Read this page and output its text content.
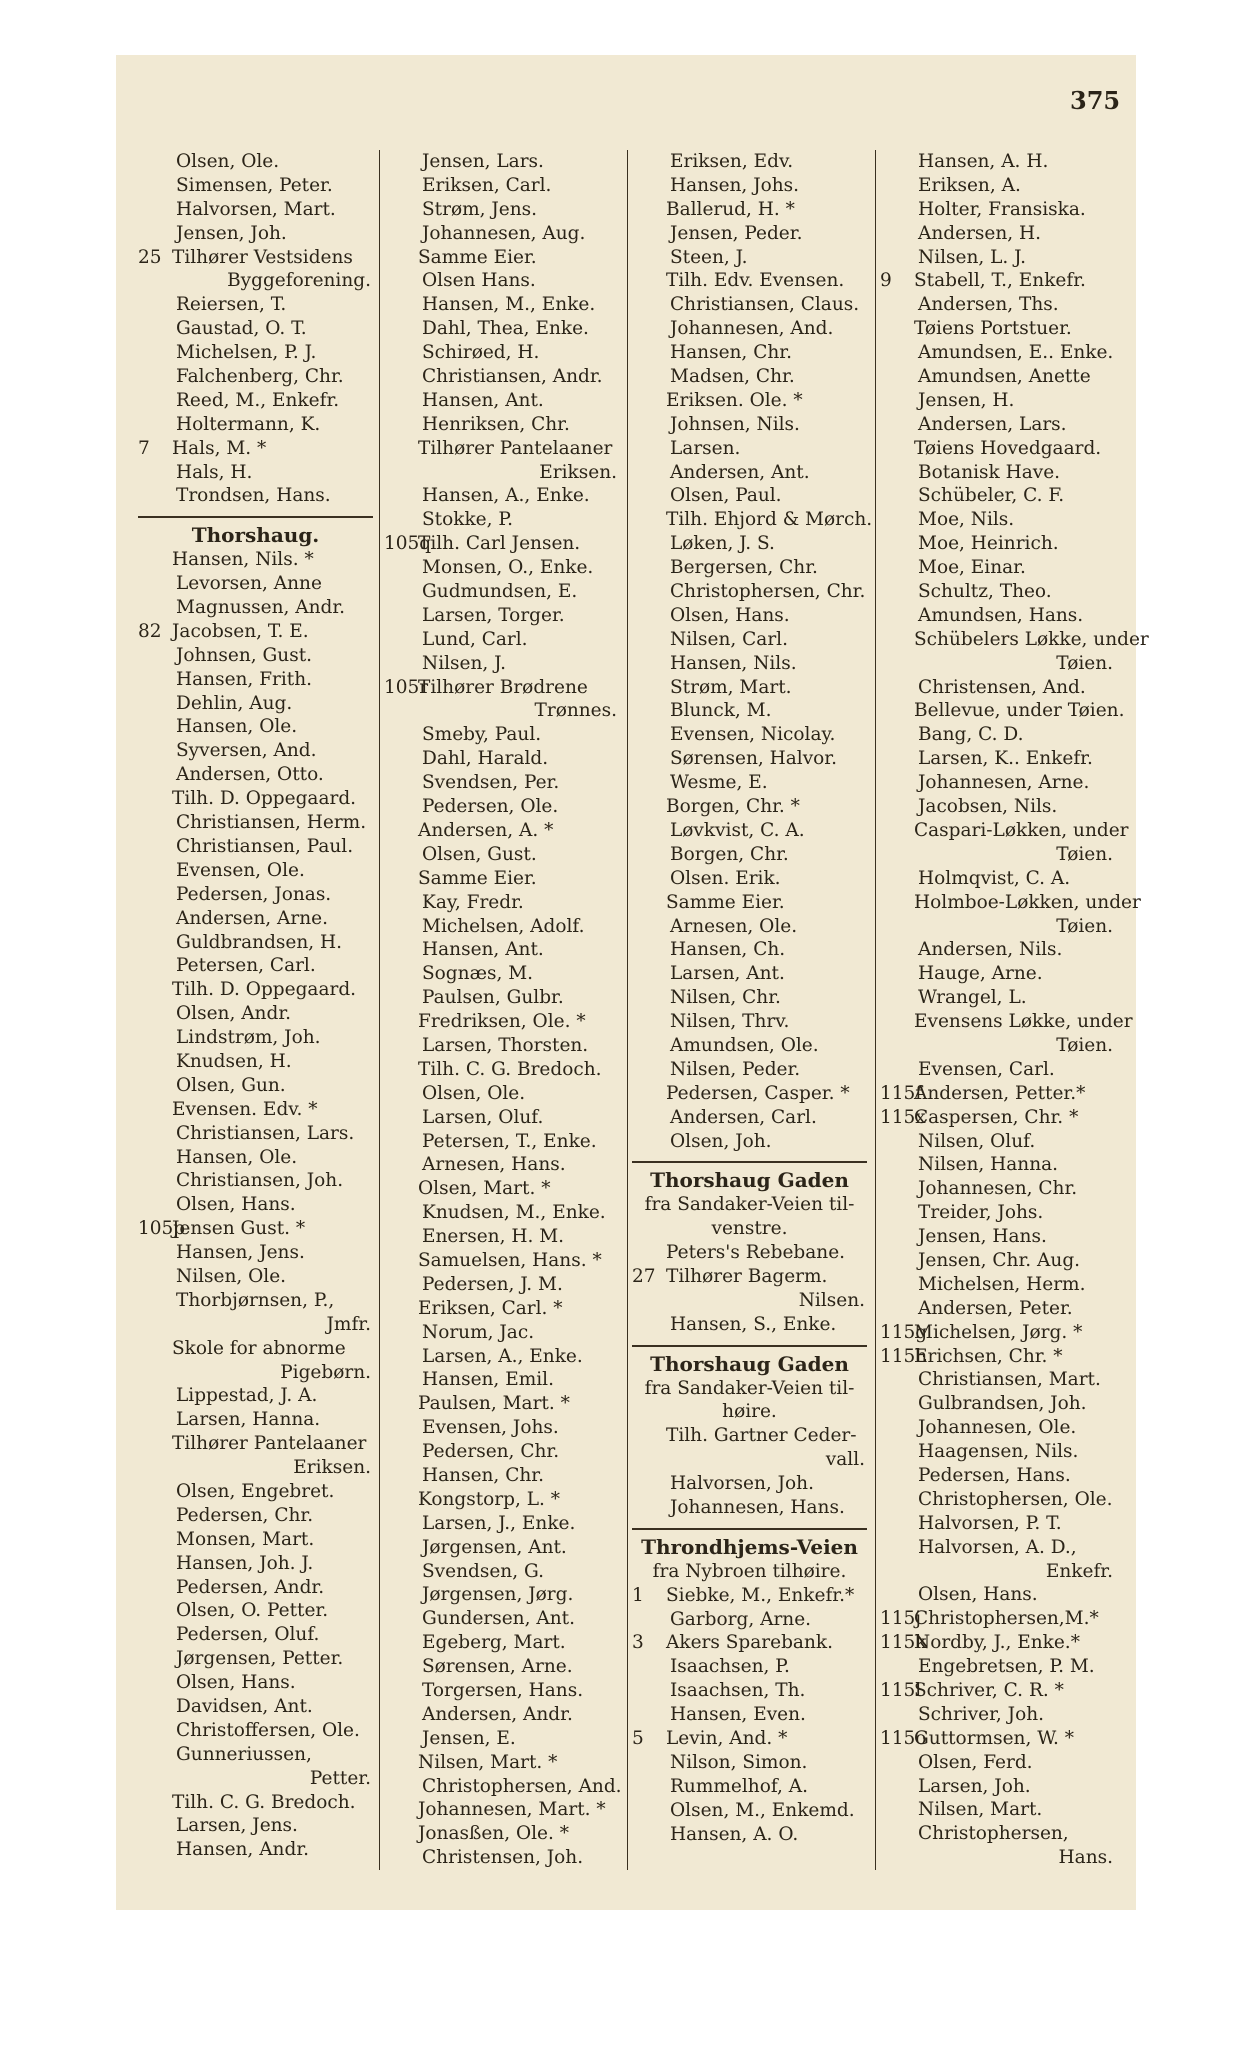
375
Olsen, Ole.
Simensen, Peter.
Halvorsen, Mart.
Jensen, Joh.
25 Tilhører Vestsidens
Byggeforening.
Reiersen, T.
Gaustad, O. T.
Michelsen, P. J.
Falchenberg, Chr.
Reed, M., Enkefr.
Holtermann, K.
7 Hals, M. *
Hals, H.
Trondsen, Hans.
Thorshaug.
Hansen, Nils. *
Levorsen, Anne
Magnussen, Andr.
82 Jacobsen, T. E.
Johnsen, Gust.
Hansen, Frith.
Dehlin, Aug.
Hansen, Ole.
Syversen, And.
Andersen, Otto.
Tilh. D. Oppegaard.
Christiansen, Herm.
Christiansen, Paul.
Evensen, Ole.
Pedersen, Jonas.
Andersen, Arne.
Guldbrandsen, H.
Petersen, Carl.
Tilh. D. Oppegaard.
Olsen, Andr.
Lindstrøm, Joh.
Knudsen, H.
Olsen, Gun.
Evensen. Edv. *
Christiansen, Lars.
Hansen, Ole.
Christiansen, Joh.
Olsen, Hans.
105pJensen Gust. *
Hansen, Jens.
Nilsen, Ole.
Thorbjørnsen, P.,
Jmfr.
Skole for abnorme
Pigebørn.
Lippestad, J. A.
Larsen, Hanna.
Tilhører Pantelaaner
Eriksen.
Olsen, Engebret.
Pedersen, Chr.
Monsen, Mart.
Hansen, Joh. J.
Pedersen, Andr.
Olsen, O. Petter.
Pedersen, Oluf.
Jørgensen, Petter.
Olsen, Hans.
Davidsen, Ant.
Christoffersen, Ole.
Gunneriussen,
Petter.
Tilh. C. G. Bredoch.
Larsen, Jens.
Hansen, Andr.
Jensen, Lars.
Eriksen, Carl.
Strøm, Jens.
Johannesen, Aug.
Samme Eier.
Olsen Hans.
Hansen, M., Enke.
Dahl, Thea, Enke.
Schirøed, H.
Christiansen, Andr.
Hansen, Ant.
Henriksen, Chr.
Tilhører Pantelaaner
Eriksen.
Hansen, A., Enke.
Stokke, P.
105qTilh. Carl Jensen.
Monsen, O., Enke.
Gudmundsen, E.
Larsen, Torger.
Lund, Carl.
Nilsen, J.
105rTilhører Brødrene
Trønnes.
Smeby, Paul.
Dahl, Harald.
Svendsen, Per.
Pedersen, Ole.
Andersen, A. *
Olsen, Gust.
Samme Eier.
Kay, Fredr.
Michelsen, Adolf.
Hansen, Ant.
Sognæs, M.
Paulsen, Gulbr.
Fredriksen, Ole. *
Larsen, Thorsten.
Tilh. C. G. Bredoch.
Olsen, Ole.
Larsen, Oluf.
Petersen, T., Enke.
Arnesen, Hans.
Olsen, Mart. *
Knudsen, M., Enke.
Enersen, H. M.
Samuelsen, Hans. *
Pedersen, J. M.
Eriksen, Carl. *
Norum, Jac.
Larsen, A., Enke.
Hansen, Emil.
Paulsen, Mart. *
Evensen, Johs.
Pedersen, Chr.
Hansen, Chr.
Kongstorp, L. *
Larsen, J., Enke.
Jørgensen, Ant.
Svendsen, G.
Jørgensen, Jørg.
Gundersen, Ant.
Egeberg, Mart.
Sørensen, Arne.
Torgersen, Hans.
Andersen, Andr.
Jensen, E.
Nilsen, Mart. *
Christophersen, And.
Johannesen, Mart. *
Jonasßen, Ole. *
Christensen, Joh.
Eriksen, Edv.
Hansen, Johs.
Ballerud, H. *
Jensen, Peder.
Steen, J.
Tilh. Edv. Evensen.
Christiansen, Claus.
Johannesen, And.
Hansen, Chr.
Madsen, Chr.
Eriksen. Ole. *
Johnsen, Nils.
Larsen.
Andersen, Ant.
Olsen, Paul.
Tilh. Ehjord & Mørch.
Løken, J. S.
Bergersen, Chr.
Christophersen, Chr.
Olsen, Hans.
Nilsen, Carl.
Hansen, Nils.
Strøm, Mart.
Blunck, M.
Evensen, Nicolay.
Sørensen, Halvor.
Wesme, E.
Borgen, Chr. *
Løvkvist, C. A.
Borgen, Chr.
Olsen. Erik.
Samme Eier.
Arnesen, Ole.
Hansen, Ch.
Larsen, Ant.
Nilsen, Chr.
Nilsen, Thrv.
Amundsen, Ole.
Nilsen, Peder.
Pedersen, Casper. *
Andersen, Carl.
Olsen, Joh.
Thorshaug Gaden
fra Sandaker-Veien til-
venstre.
Peters's Rebebane.
27 Tilhører Bagerm.
Nilsen.
Hansen, S., Enke.
Thorshaug Gaden
fra Sandaker-Veien til-
høire.
Tilh. Gartner Ceder-
vall.
Halvorsen, Joh.
Johannesen, Hans.
Throndhjems-Veien
fra Nybroen tilhøire.
1 Siebke, M., Enkefr.*
Garborg, Arne.
3 Akers Sparebank.
Isaachsen, P.
Isaachsen, Th.
Hansen, Even.
5 Levin, And. *
Nilson, Simon.
Rummelhof, A.
Olsen, M., Enkemd.
Hansen, A. O.
Hansen, A. H.
Eriksen, A.
Holter, Fransiska.
Andersen, H.
Nilsen, L. J.
9 Stabell, T., Enkefr.
Andersen, Ths.
Tøiens Portstuer.
Amundsen, E.. Enke.
Amundsen, Anette
Jensen, H.
Andersen, Lars.
Tøiens Hovedgaard.
Botanisk Have.
Schübeler, C. F.
Moe, Nils.
Moe, Heinrich.
Moe, Einar.
Schultz, Theo.
Amundsen, Hans.
Schübelers Løkke, under
Tøien.
Christensen, And.
Bellevue, under Tøien.
Bang, C. D.
Larsen, K.. Enkefr.
Johannesen, Arne.
Jacobsen, Nils.
Caspari-Løkken, under
Tøien.
Holmqvist, C. A.
Holmboe-Løkken, under
Tøien.
Andersen, Nils.
Hauge, Arne.
Wrangel, L.
Evensens Løkke, under
Tøien.
Evensen, Carl.
115fAndersen, Petter.*
115xCaspersen, Chr. *
Nilsen, Oluf.
Nilsen, Hanna.
Johannesen, Chr.
Treider, Johs.
Jensen, Hans.
Jensen, Chr. Aug.
Michelsen, Herm.
Andersen, Peter.
115gMichelsen, Jørg. *
115hErichsen, Chr. *
Christiansen, Mart.
Gulbrandsen, Joh.
Johannesen, Ole.
Haagensen, Nils.
Pedersen, Hans.
Christophersen, Ole.
Halvorsen, P. T.
Halvorsen, A. D.,
Enkefr.
Olsen, Hans.
115jChristophersen,M.*
115kNordby, J., Enke.*
Engebretsen, P. M.
115lSchriver, C. R. *
Schriver, Joh.
115oGuttormsen, W. *
Olsen, Ferd.
Larsen, Joh.
Nilsen, Mart.
Christophersen,
Hans.
